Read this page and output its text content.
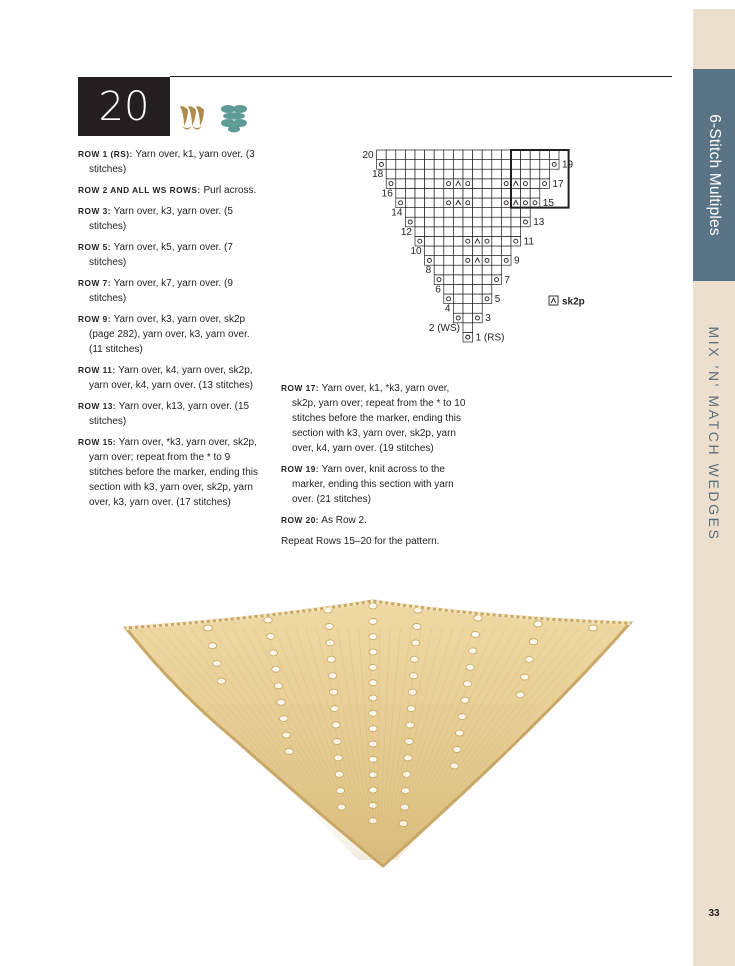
6-Stitch Multiples
MIX 'N' MATCH WEDGES
33
20

ROW 1 (RS): Yarn over, k1, yarn over. (3 stitches)

ROW 2 AND ALL WS ROWS: Purl across.

ROW 3: Yarn over, k3, yarn over. (5 stitches)

ROW 5: Yarn over, k5, yarn over. (7 stitches)

ROW 7: Yarn over, k7, yarn over. (9 stitches)

ROW 9: Yarn over, k3, yarn over, sk2p (page 282), yarn over, k3, yarn over. (11 stitches)

ROW 11: Yarn over, k4, yarn over, sk2p, yarn over, k4, yarn over. (13 stitches)

ROW 13: Yarn over, k13, yarn over. (15 stitches)

ROW 15: Yarn over, *k3, yarn over, sk2p, yarn over; repeat from the * to 9 stitches before the marker, ending this section with k3, yarn over, sk2p, yarn over, k3, yarn over. (17 stitches)

ROW 17: Yarn over, k1, *k3, yarn over, sk2p, yarn over; repeat from the * to 10 stitches before the marker, ending this section with k3, yarn over, sk2p, yarn over, k4, yarn over. (19 stitches)

ROW 19: Yarn over, knit across to the marker, ending this section with yarn over. (21 stitches)

ROW 20: As Row 2.

Repeat Rows 15–20 for the pattern.

1 (RS)
3
5
7
9
11
13
15
17
19
2 (WS)
4
6
8
10
12
14
16
18
20
sk2p
